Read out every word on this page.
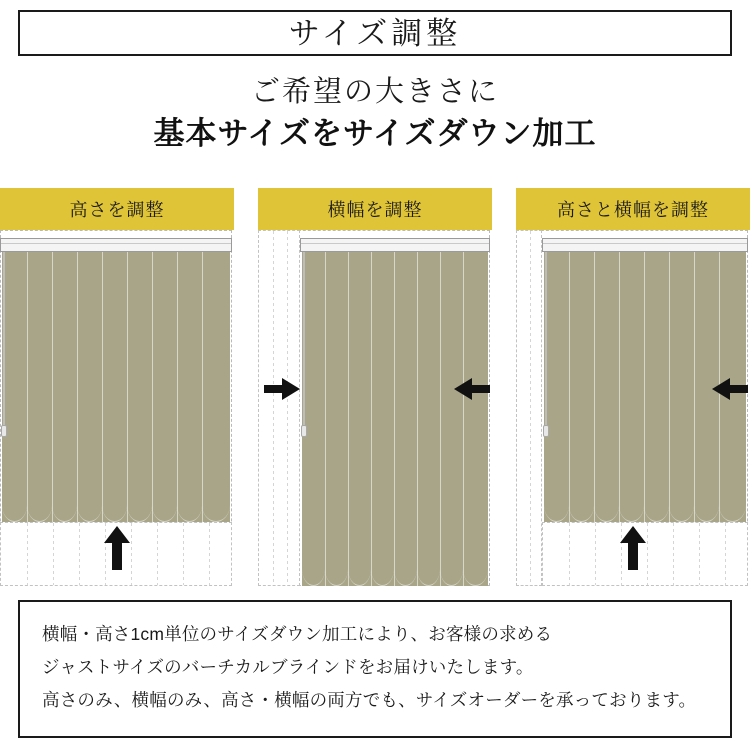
サイズ調整
ご希望の大きさに
基本サイズをサイズダウン加工
高さを調整	横幅を調整	高さと横幅を調整

横幅・高さ1cm単位のサイズダウン加工により、お客様の求める

ジャストサイズのバーチカルブラインドをお届けいたします。

高さのみ、横幅のみ、高さ・横幅の両方でも、サイズオーダーを承っております。
